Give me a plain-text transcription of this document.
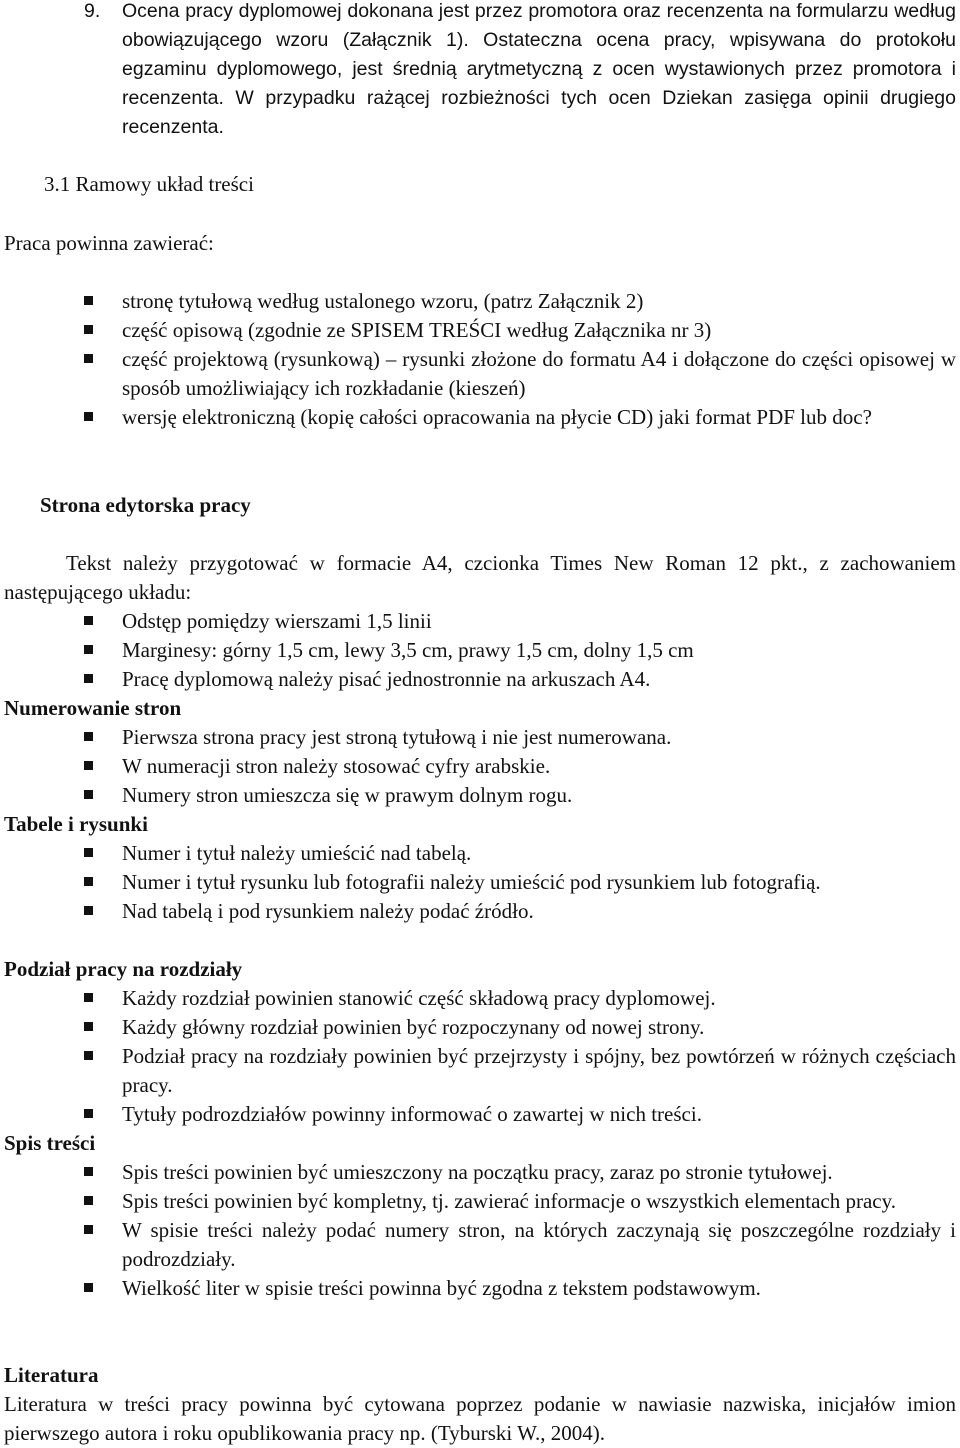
9. Ocena pracy dyplomowej dokonana jest przez promotora oraz recenzenta na formularzu według obowiązującego wzoru (Załącznik 1). Ostateczna ocena pracy, wpisywana do protokołu egzaminu dyplomowego, jest średnią arytmetyczną z ocen wystawionych przez promotora i recenzenta. W przypadku rażącej rozbieżności tych ocen Dziekan zasięga opinii drugiego recenzenta.
3.1 Ramowy układ treści
Praca powinna zawierać:
stronę tytułową według ustalonego wzoru, (patrz Załącznik 2)
część opisową (zgodnie ze SPISEM TREŚCI według Załącznika nr 3)
część projektową (rysunkową) – rysunki złożone do formatu A4 i dołączone do części opisowej w sposób umożliwiający ich rozkładanie (kieszeń)
wersję elektroniczną (kopię całości opracowania na płycie CD) jaki format PDF lub doc?
Strona edytorska pracy
Tekst należy przygotować w formacie A4, czcionka Times New Roman 12 pkt., z zachowaniem następującego układu:
Odstęp pomiędzy wierszami 1,5 linii
Marginesy: górny 1,5 cm, lewy 3,5 cm, prawy 1,5 cm, dolny 1,5 cm
Pracę dyplomową należy pisać jednostronnie na arkuszach A4.
Numerowanie stron
Pierwsza strona pracy jest stroną tytułową i nie jest numerowana.
W numeracji stron należy stosować cyfry arabskie.
Numery stron umieszcza się w prawym dolnym rogu.
Tabele i rysunki
Numer i tytuł należy umieścić nad tabelą.
Numer i tytuł rysunku lub fotografii należy umieścić pod rysunkiem lub fotografią.
Nad tabelą i pod rysunkiem należy podać źródło.
Podział pracy na rozdziały
Każdy rozdział powinien stanowić część składową pracy dyplomowej.
Każdy główny rozdział powinien być rozpoczynany od nowej strony.
Podział pracy na rozdziały powinien być przejrzysty i spójny, bez powtórzeń w różnych częściach pracy.
Tytuły podrozdziałów powinny informować o zawartej w nich treści.
Spis treści
Spis treści powinien być umieszczony na początku pracy, zaraz po stronie tytułowej.
Spis treści powinien być kompletny, tj. zawierać informacje o wszystkich elementach pracy.
W spisie treści należy podać numery stron, na których zaczynają się poszczególne rozdziały i podrozdziały.
Wielkość liter w spisie treści powinna być zgodna z tekstem podstawowym.
Literatura
Literatura w treści pracy powinna być cytowana poprzez podanie w nawiasie nazwiska, inicjałów imion pierwszego autora i roku opublikowania pracy np. (Tyburski W., 2004).
